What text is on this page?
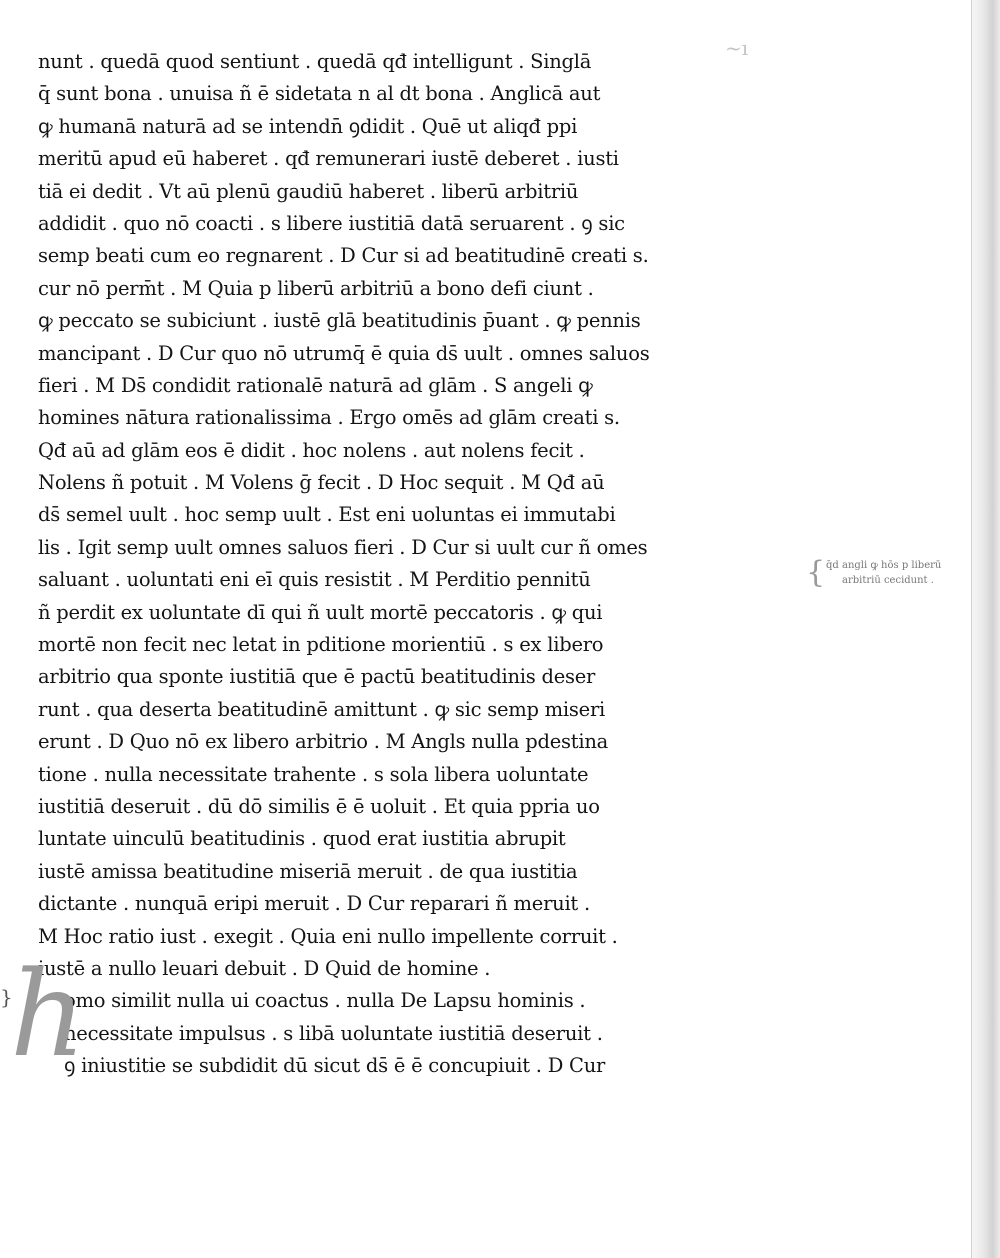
~ı
nunt . quedā quod sentiunt . quedā qđ intelligunt . Singlā
q̄ sunt bona . unuisa ñ ē sidetata n al dt bona . Anglicā aut
ꝙ humanā naturā ad se intendn̄ ꝯdidit . Quē ut aliqđ ppi̇
meritū apud eū haberet . qđ remunerari iustē deberet . iusti
tiā ei dedit . Vt aū plenū gaudiū haberet . liberū arbitriū
addidit . quo nō coacti . s libere iustitiā datā seruarent . ꝯ sic
semp beati cum eo regnarent . D Cur si ad beatitudinē creati s.
cur nō perm̄t . M Quia p liberū arbitriū a bono defi ciunt .
ꝙ peccato se subiciunt . iustē glā beatitudinis p̄uant . ꝙ pennis
mancipant . D Cur quo nō utrumq̄ ē quia ds̄ uult . omnes saluos
fieri . M Ds̄ condidit rationalē naturā ad glām . S angeli ꝙ
homines nātura rationalissima . Ergo omēs ad glām creati s.
Qđ aū ad glām eos ē didit . hoc nolens . aut nolens fecit .
Nolens ñ potuit . M Volens ḡ fecit . D Hoc sequit . M Qđ aū
ds̄ semel uult . hoc semp uult . Est eni uoluntas ei immutabi
lis . Igit semp uult omnes saluos fieri . D Cur si uult cur ñ omes
saluant . uoluntati eni eī quis resistit . M Perditio pennitū
ñ perdit ex uoluntate dī qui ñ uult mortē peccatoris . ꝙ qui
mortē non fecit nec letat in pditione morientiū . s ex libero
arbitrio qua sponte iustitiā que ē pactū beatitudinis deser
runt . qua deserta beatitudinē amittunt . ꝙ sic semp miseri
erunt . D Quo nō ex libero arbitrio . M Angls nulla pdestina
tione . nulla necessitate trahente . s sola libera uoluntate
iustitiā deseruit . dū dō similis ē ē uoluit . Et quia ppria uo
luntate uinculū beatitudinis . quod erat iustitia abrupit
iustē amissa beatitudine miseriā meruit . de qua iustitia
dictante . nunquā eripi meruit . D Cur reparari ñ meruit .
M Hoc ratio iust . exegit . Quia eni nullo impellente corruit .
iustē a nullo leuari debuit . D Quid de homine .
omo similit nulla ui coactus . nulla De Lapsu hominis .
necessitate impulsus . s libā uoluntate iustitiā deseruit .
ꝯ iniustitie se subdidit dū sicut ds̄ ē ē concupiuit . D Cur
h
}
{ q̄d angli ꝙ hōs p liberū
arbitriū cecidunt .
